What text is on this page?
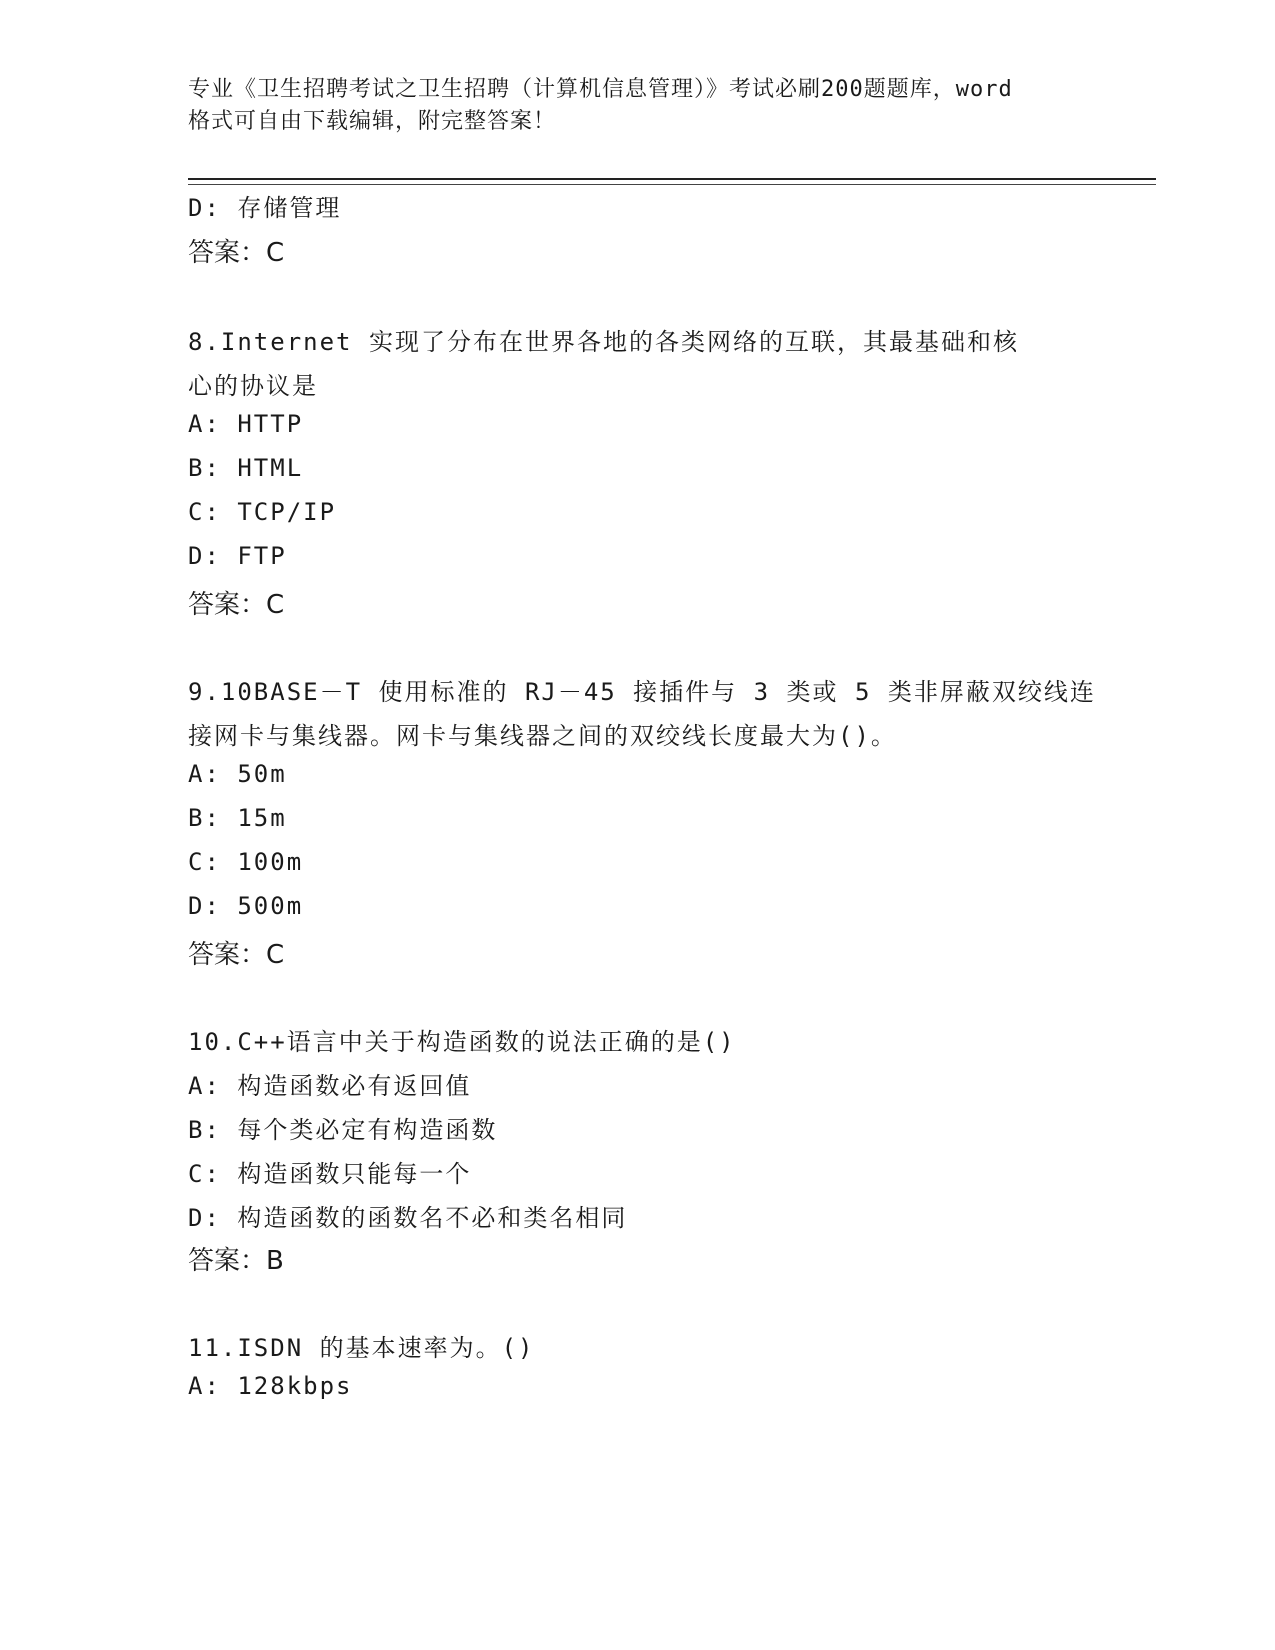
专业《卫生招聘考试之卫生招聘（计算机信息管理）》考试必刷200题题库，word
格式可自由下载编辑，附完整答案！
D: 存储管理
答案：C
8.Internet 实现了分布在世界各地的各类网络的互联，其最基础和核
心的协议是
A: HTTP
B: HTML
C: TCP/IP
D: FTP
答案：C
9.10BASE－T 使用标准的 RJ－45 接插件与 3 类或 5 类非屏蔽双绞线连
接网卡与集线器。网卡与集线器之间的双绞线长度最大为()。
A: 50m
B: 15m
C: 100m
D: 500m
答案：C
10.C++语言中关于构造函数的说法正确的是()
A: 构造函数必有返回值
B: 每个类必定有构造函数
C: 构造函数只能每一个
D: 构造函数的函数名不必和类名相同
答案：B
11.ISDN 的基本速率为。()
A: 128kbps
